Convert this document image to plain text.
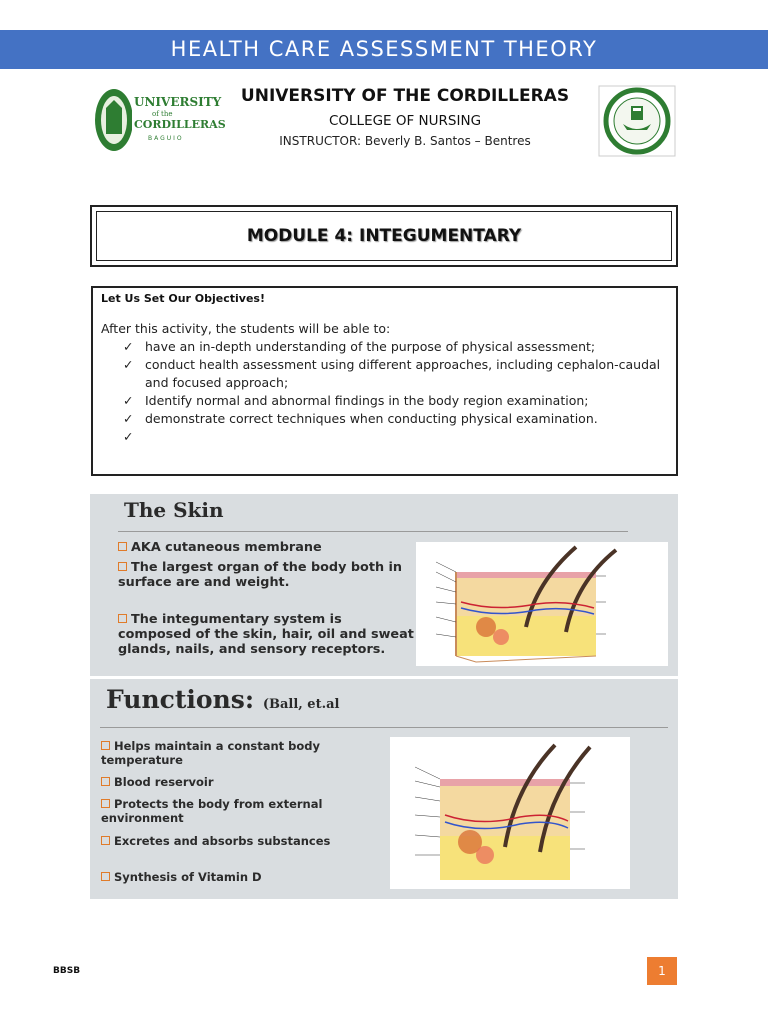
HEALTH CARE ASSESSMENT THEORY
UNIVERSITY
of the
CORDILLERAS
BAGUIO
UNIVERSITY OF THE CORDILLERAS
COLLEGE OF NURSING
INSTRUCTOR: Beverly B. Santos – Bentres
MODULE 4: INTEGUMENTARY
Let Us Set Our Objectives!
After this activity, the students will be able to:
✓ have an in-depth understanding of the purpose of physical assessment;
✓ conduct health assessment using different approaches, including cephalon-caudal and focused approach;
✓ Identify normal and abnormal findings in the body region examination;
✓ demonstrate correct techniques when conducting physical examination.
✓
The Skin
AKA cutaneous membrane
The largest organ of the body both in surface are and weight.
The integumentary system is composed of the skin, hair, oil and sweat glands, nails, and sensory receptors.
Functions: (Ball, et.al
Helps maintain a constant body temperature
Blood reservoir
Protects the body from external environment
Excretes and absorbs substances
Synthesis of Vitamin D
BBSB	1
